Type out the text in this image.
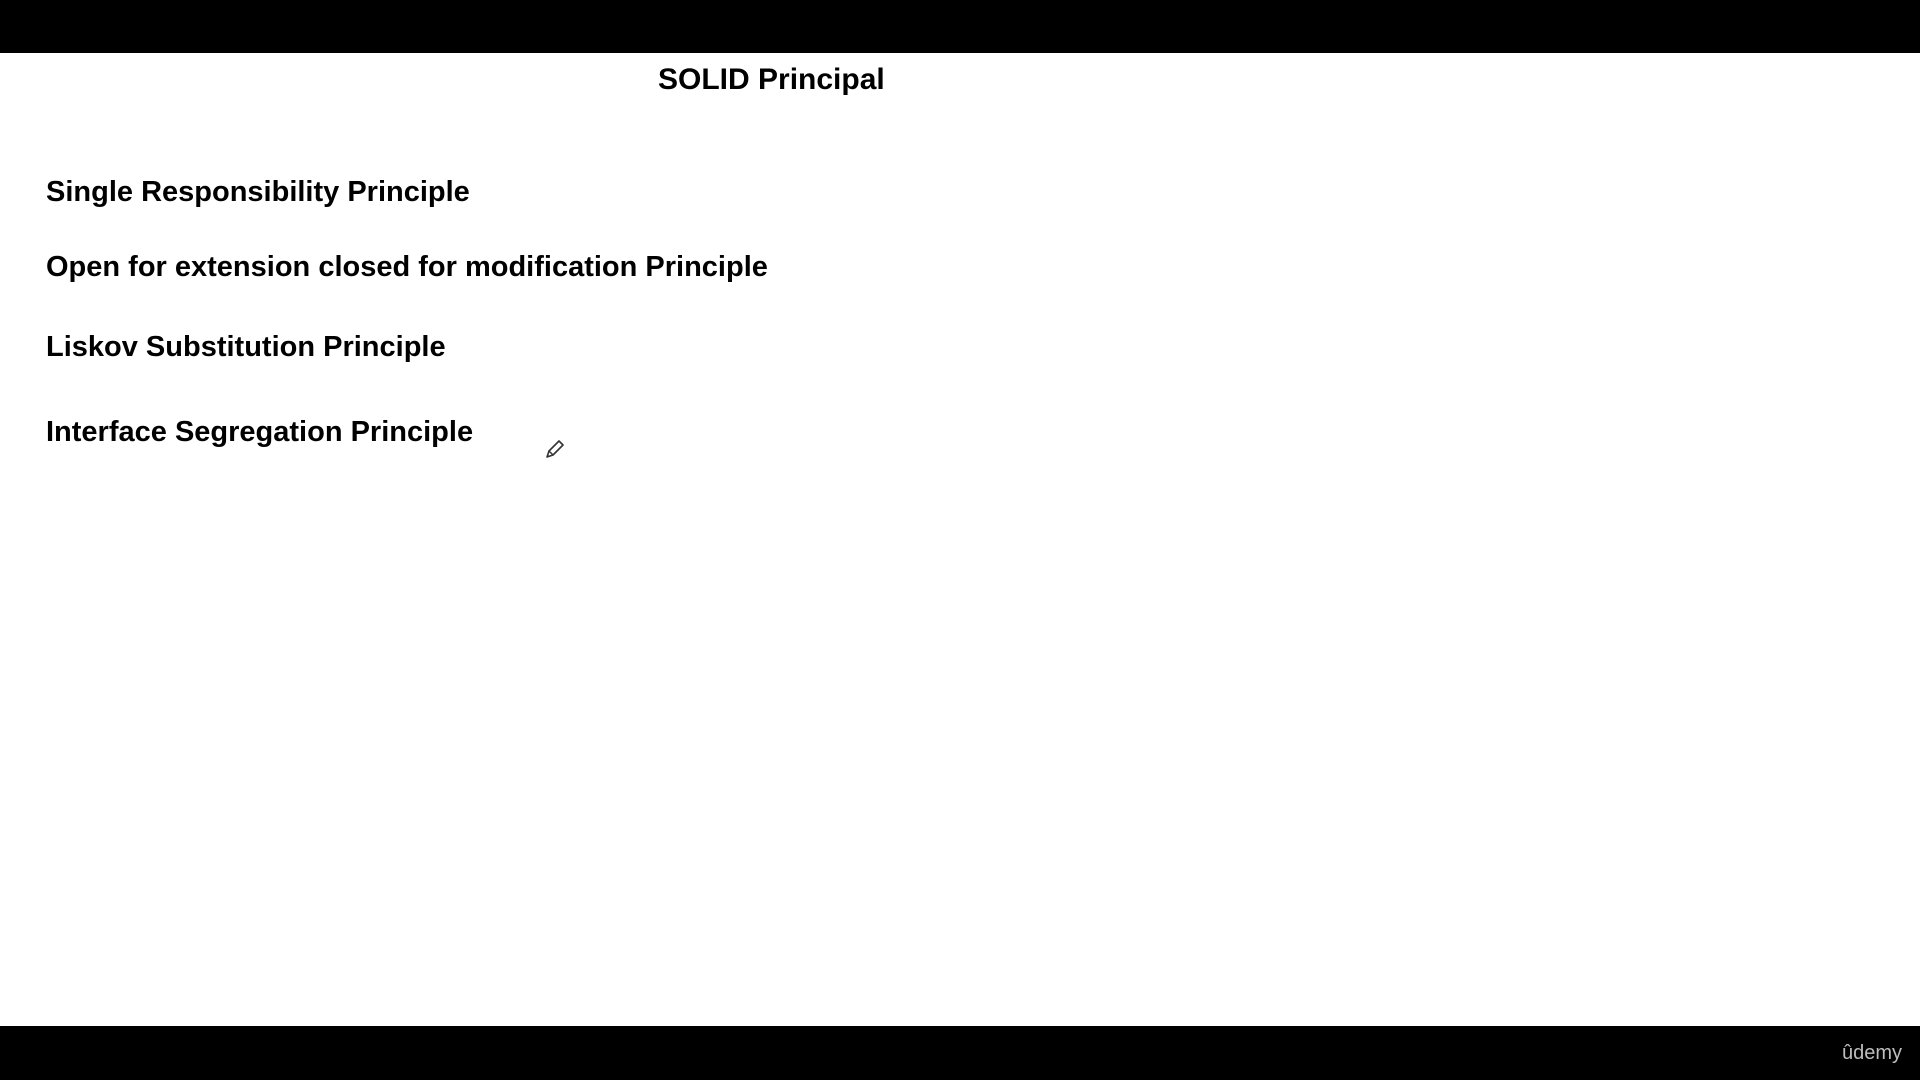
SOLID Principal
Single Responsibility Principle
Open for extension closed for modification Principle
Liskov Substitution Principle
Interface Segregation Principle
ûdemy
